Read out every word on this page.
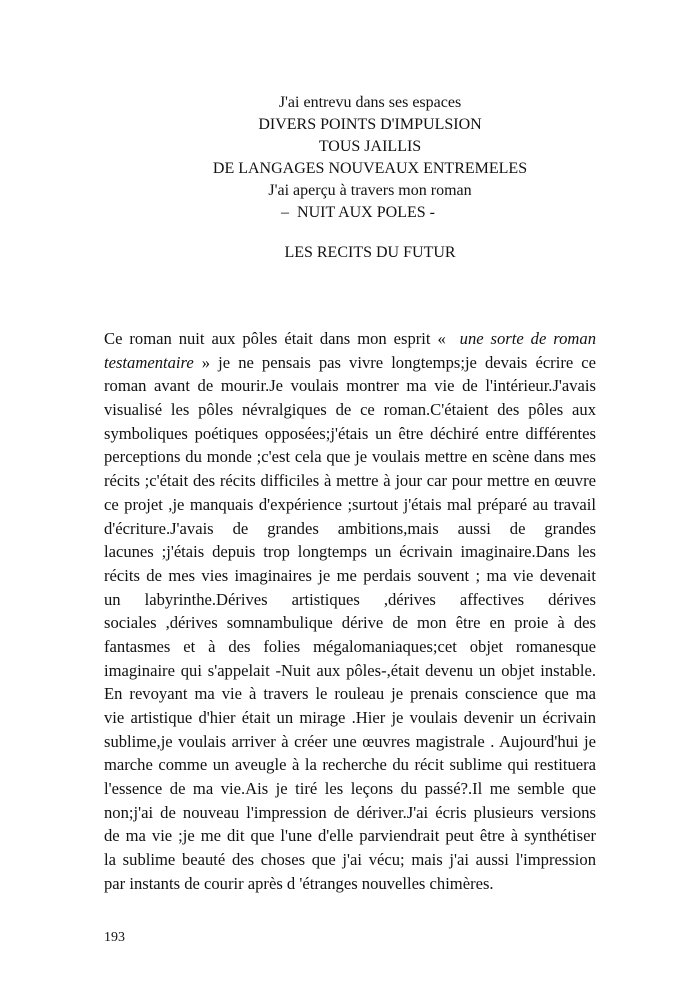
J'ai entrevu dans ses espaces
DIVERS POINTS D'IMPULSION
TOUS JAILLIS
DE LANGAGES NOUVEAUX ENTREMELES
J'ai aperçu à travers mon roman
–  NUIT AUX POLES -
LES RECITS DU FUTUR
Ce roman nuit aux pôles était dans mon esprit « une sorte de roman
testamentaire » je ne pensais pas vivre longtemps;je devais écrire ce
roman avant de mourir.Je voulais montrer ma vie de l'intérieur.J'avais
visualisé les pôles névralgiques de ce roman.C'étaient des pôles aux
symboliques poétiques opposées;j'étais un être déchiré entre différentes
perceptions du monde ;c'est cela que je voulais mettre en scène dans mes
récits ;c'était des récits difficiles à mettre à jour car pour mettre en œuvre
ce projet ,je manquais d'expérience ;surtout j'étais mal préparé au travail
d'écriture.J'avais de grandes ambitions,mais aussi de grandes
lacunes ;j'étais depuis trop longtemps un écrivain imaginaire.Dans les
récits de mes vies imaginaires je me perdais souvent ; ma vie devenait
un labyrinthe.Dérives artistiques ,dérives affectives dérives
sociales ,dérives somnambulique dérive de mon être en proie à des
fantasmes et à des folies mégalomaniaques;cet objet romanesque
imaginaire qui s'appelait -Nuit aux pôles-,était devenu un objet instable.
En revoyant ma vie à travers le rouleau je prenais conscience que ma
vie artistique d'hier était un mirage .Hier je voulais devenir un écrivain
sublime,je voulais arriver à créer une œuvres magistrale . Aujourd'hui je
marche comme un aveugle à la recherche du récit sublime qui restituera
l'essence de ma vie.Ais je tiré les leçons du passé?.Il me semble que
non;j'ai de nouveau l'impression de dériver.J'ai écris plusieurs versions
de ma vie ;je me dit que l'une d'elle parviendrait peut être à synthétiser
la sublime beauté des choses que j'ai vécu; mais j'ai aussi l'impression
par instants de courir après d 'étranges nouvelles chimères.
193
